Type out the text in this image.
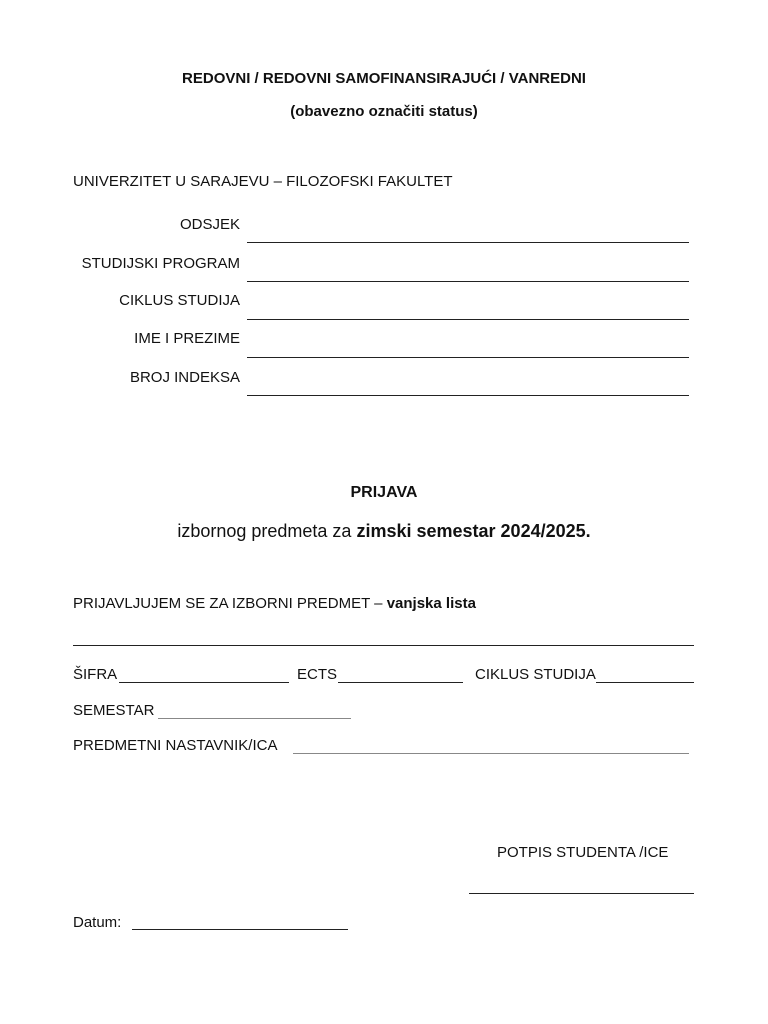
REDOVNI / REDOVNI SAMOFINANSIRAJUĆI / VANREDNI
(obavezno označiti status)
UNIVERZITET U SARAJEVU – FILOZOFSKI FAKULTET
ODSJEK
STUDIJSKI PROGRAM
CIKLUS STUDIJA
IME I PREZIME
BROJ INDEKSA
PRIJAVA
izbornog predmeta za zimski semestar 2024/2025.
PRIJAVLJUJEM SE ZA IZBORNI PREDMET – vanjska lista
ŠIFRA	ECTS	CIKLUS STUDIJA
SEMESTAR
PREDMETNI NASTAVNIK/ICA
POTPIS STUDENTA /ICE
Datum:
